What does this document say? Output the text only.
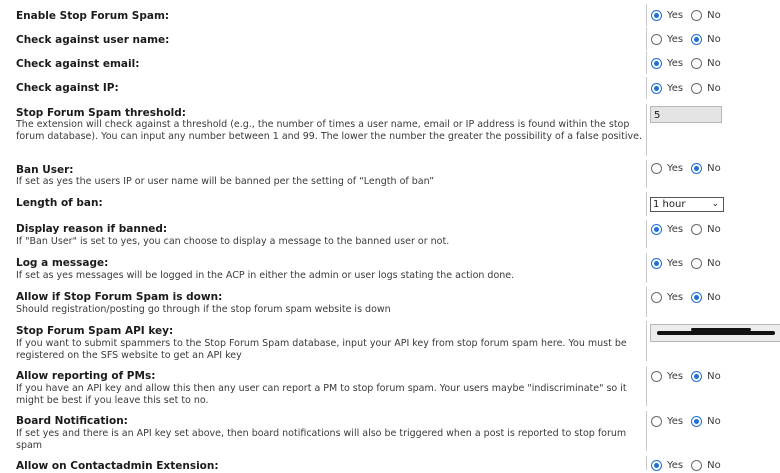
Enable Stop Forum Spam:	Yes No
Check against user name:	Yes No
Check against email:	Yes No
Check against IP:	Yes No
Stop Forum Spam threshold:
The extension will check against a threshold (e.g., the number of times a user name, email or IP address is found within the stop forum database). You can input any number between 1 and 99. The lower the number the greater the possibility of a false positive.
5
Ban User:
If set as yes the users IP or user name will be banned per the setting of “Length of ban”
Yes No
Length of ban:	1 hour	⌄
Display reason if banned:
If "Ban User" is set to yes, you can choose to display a message to the banned user or not.
Yes No
Log a message:
If set as yes messages will be logged in the ACP in either the admin or user logs stating the action done.
Yes No
Allow if Stop Forum Spam is down:
Should registration/posting go through if the stop forum spam website is down
Yes No
Stop Forum Spam API key:
If you want to submit spammers to the Stop Forum Spam database, input your API key from stop forum spam here. You must be registered on the SFS website to get an API key
Allow reporting of PMs:
If you have an API key and allow this then any user can report a PM to stop forum spam. Your users maybe "indiscriminate" so it might be best if you leave this set to no.
Yes No
Board Notification:
If set yes and there is an API key set above, then board notifications will also be triggered when a post is reported to stop forum spam
Yes No
Allow on Contactadmin Extension:	Yes No
